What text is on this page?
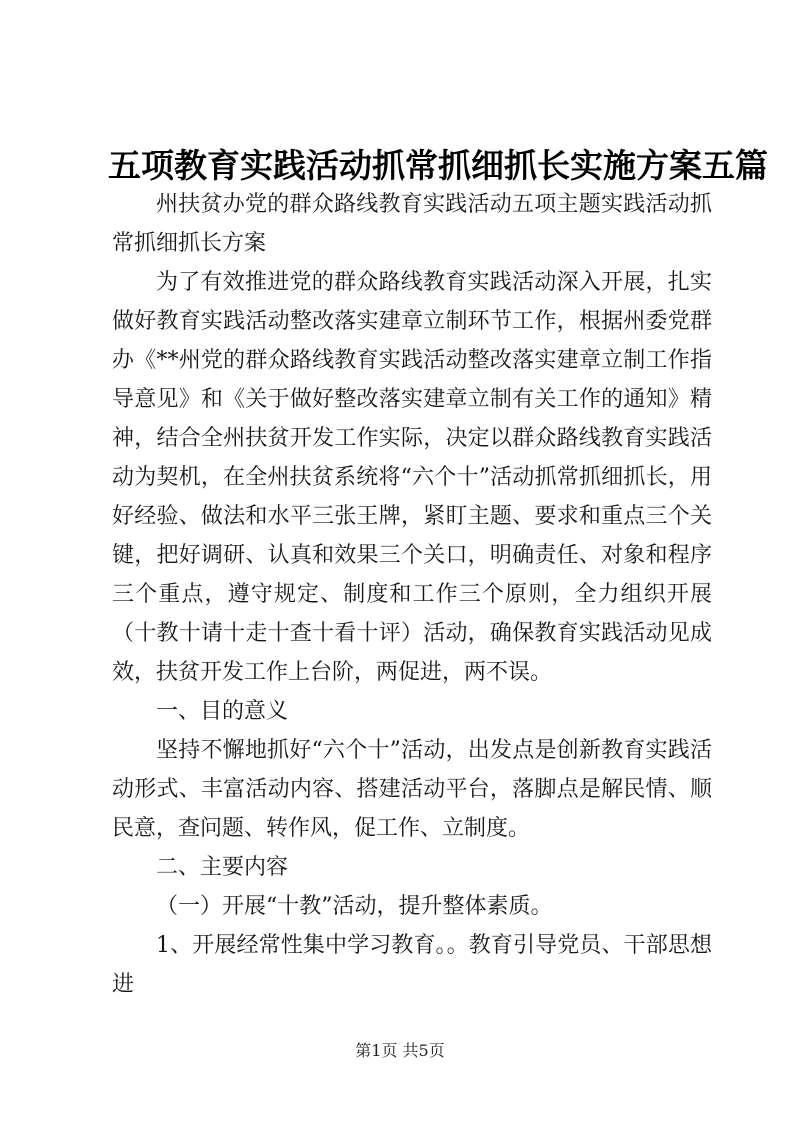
五项教育实践活动抓常抓细抓长实施方案五篇

州扶贫办党的群众路线教育实践活动五项主题实践活动抓常抓细抓长方案

为了有效推进党的群众路线教育实践活动深入开展，扎实做好教育实践活动整改落实建章立制环节工作，根据州委党群办《**州党的群众路线教育实践活动整改落实建章立制工作指导意见》和《关于做好整改落实建章立制有关工作的通知》精神，结合全州扶贫开发工作实际，决定以群众路线教育实践活动为契机，在全州扶贫系统将“六个十”活动抓常抓细抓长，用好经验、做法和水平三张王牌，紧盯主题、要求和重点三个关键，把好调研、认真和效果三个关口，明确责任、对象和程序三个重点，遵守规定、制度和工作三个原则，全力组织开展（十教十请十走十查十看十评）活动，确保教育实践活动见成效，扶贫开发工作上台阶，两促进，两不误。

一、目的意义

坚持不懈地抓好“六个十”活动，出发点是创新教育实践活动形式、丰富活动内容、搭建活动平台，落脚点是解民情、顺民意，查问题、转作风，促工作、立制度。

二、主要内容

（一）开展“十教”活动，提升整体素质。

1、开展经常性集中学习教育。。教育引导党员、干部思想进

第1页 共5页
